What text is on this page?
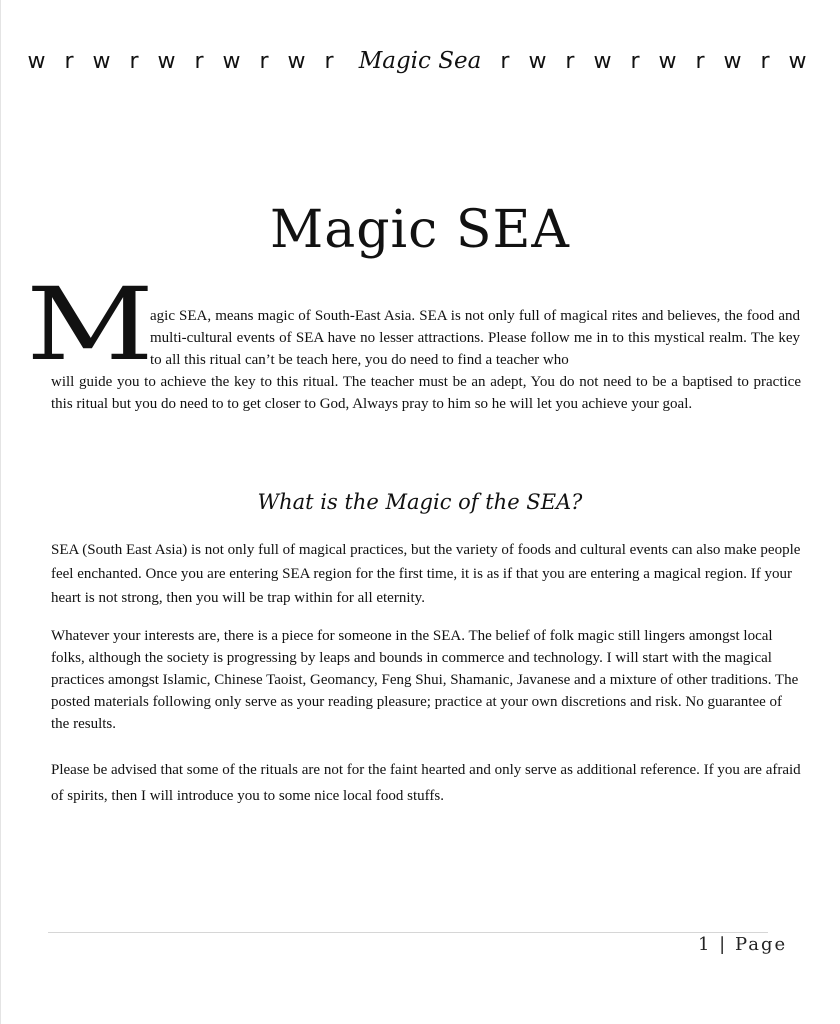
w r w r w r w r w r Magic Sea r w r w r w r w r w
Magic SEA
M
agic SEA, means magic of South-East Asia. SEA is not only full of magical rites and believes, the food and multi-cultural events of SEA have no lesser attractions. Please follow me in to this mystical realm. The key to all this ritual can’t be teach here, you do need to find a teacher who
will guide you to achieve the key to this ritual. The teacher must be an adept, You do not need to be a baptised to practice this ritual but you do need to to get closer to God, Always pray to him so he will let you achieve your goal.
What is the Magic of the SEA?

SEA (South East Asia) is not only full of magical practices, but the variety of foods and cultural events can also make people feel enchanted. Once you are entering SEA region for the first time, it is as if that you are entering a magical region. If your heart is not strong, then you will be trap within for all eternity.

Whatever your interests are, there is a piece for someone in the SEA. The belief of folk magic still lingers amongst local folks, although the society is progressing by leaps and bounds in commerce and technology. I will start with the magical practices amongst Islamic, Chinese Taoist, Geomancy, Feng Shui, Shamanic, Javanese and a mixture of other traditions. The posted materials following only serve as your reading pleasure; practice at your own discretions and risk. No guarantee of the results.

Please be advised that some of the rituals are not for the faint hearted and only serve as additional reference. If you are afraid of spirits, then I will introduce you to some nice local food stuffs.

1 | Page
